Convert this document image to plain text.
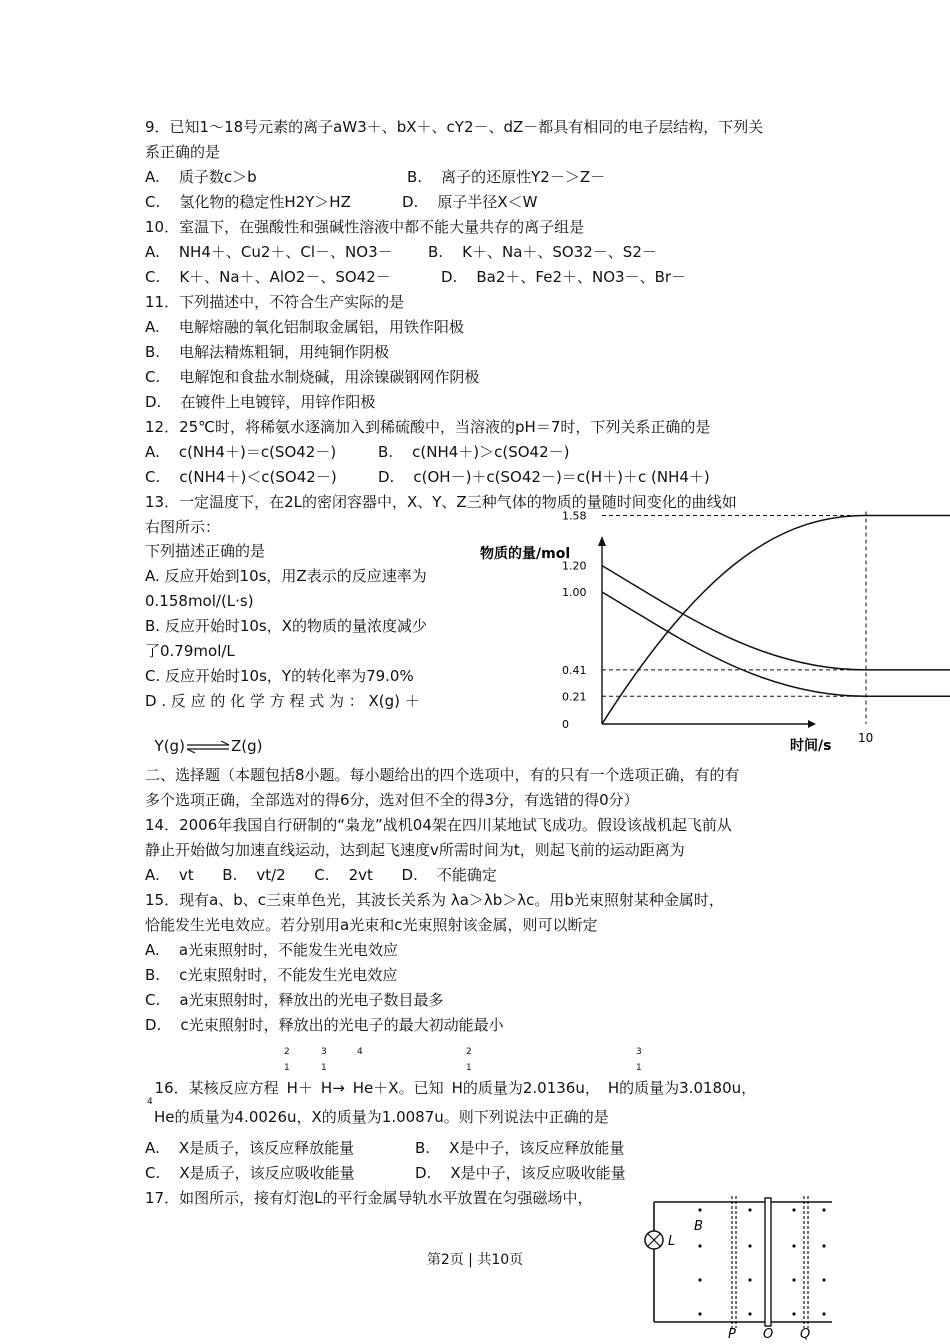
9．已知1～18号元素的离子aW3＋、bX＋、cY2－、dZ－都具有相同的电子层结构，下列关
系正确的是
A.    质子数c＞b	B.    离子的还原性Y2－＞Z－
C.    氢化物的稳定性H2Y＞HZ	D.    原子半径X＜W
10．室温下，在强酸性和强碱性溶液中都不能大量共存的离子组是
A.    NH4＋、Cu2＋、Cl－、NO3－ B.    K＋、Na＋、SO32－、S2－
C.    K＋、Na＋、AlO2－、SO42－	D.    Ba2＋、Fe2＋、NO3－、Br－
11．下列描述中，不符合生产实际的是
A.    电解熔融的氧化铝制取金属铝，用铁作阳极
B.    电解法精炼粗铜，用纯铜作阴极
C.    电解饱和食盐水制烧碱，用涂镍碳钢网作阴极
D.    在镀件上电镀锌，用锌作阳极
12．25℃时，将稀氨水逐滴加入到稀硫酸中，当溶液的pH＝7时，下列关系正确的是
A.    c(NH4＋)＝c(SO42－)	B.    c(NH4＋)＞c(SO42－)
C.    c(NH4＋)＜c(SO42－)	D.    c(OH－)＋c(SO42－)＝c(H＋)＋c (NH4＋)
13．一定温度下，在2L的密闭容器中，X、Y、Z三种气体的物质的量随时间变化的曲线如
右图所示：
下列描述正确的是
A. 反应开始到10s，用Z表示的反应速率为
0.158mol/(L·s)
B. 反应开始时10s，X的物质的量浓度减少
了0.79mol/L
C. 反应开始时10s，Y的转化率为79.0%
D . 反 应 的 化 学 方 程 式 为 ： X(g) ＋

Y(g)⇌Z(g)

物质的量/mol
时间/s
1.58
1.20
1.00
0.41
0.21
0
10
二、选择题（本题包括8小题。每小题给出的四个选项中，有的只有一个选项正确，有的有
多个选项正确，全部选对的得6分，选对但不全的得3分，有选错的得0分）
14．2006年我国自行研制的“枭龙”战机04架在四川某地试飞成功。假设该战机起飞前从
静止开始做匀加速直线运动，达到起飞速度v所需时间为t，则起飞前的运动距离为
A.    vt      B.    vt/2      C.    2vt      D.    不能确定
15．现有a、b、c三束单色光，其波长关系为 λa＞λb＞λc。用b光束照射某种金属时，
恰能发生光电效应。若分别用a光束和c光束照射该金属，则可以断定
A.    a光束照射时，不能发生光电效应
B.    c光束照射时，不能发生光电效应
C.    a光束照射时，释放出的光电子数目最多
D.    c光束照射时，释放出的光电子的最大初动能最小

16．某核反应方程 H＋ H→ He＋X。已知 H的质量为2.0136u， H的质量为3.0180u，

2
1
3
1
4	2
1
3
1
4
He的质量为4.0026u，X的质量为1.0087u。则下列说法中正确的是
A.    X是质子，该反应释放能量	B.    X是中子，该反应释放能量
C.    X是质子，该反应吸收能量	D.    X是中子，该反应吸收能量
17．如图所示，接有灯泡L的平行金属导轨水平放置在匀强磁场中，
L
B
P O Q
第2页 | 共10页
